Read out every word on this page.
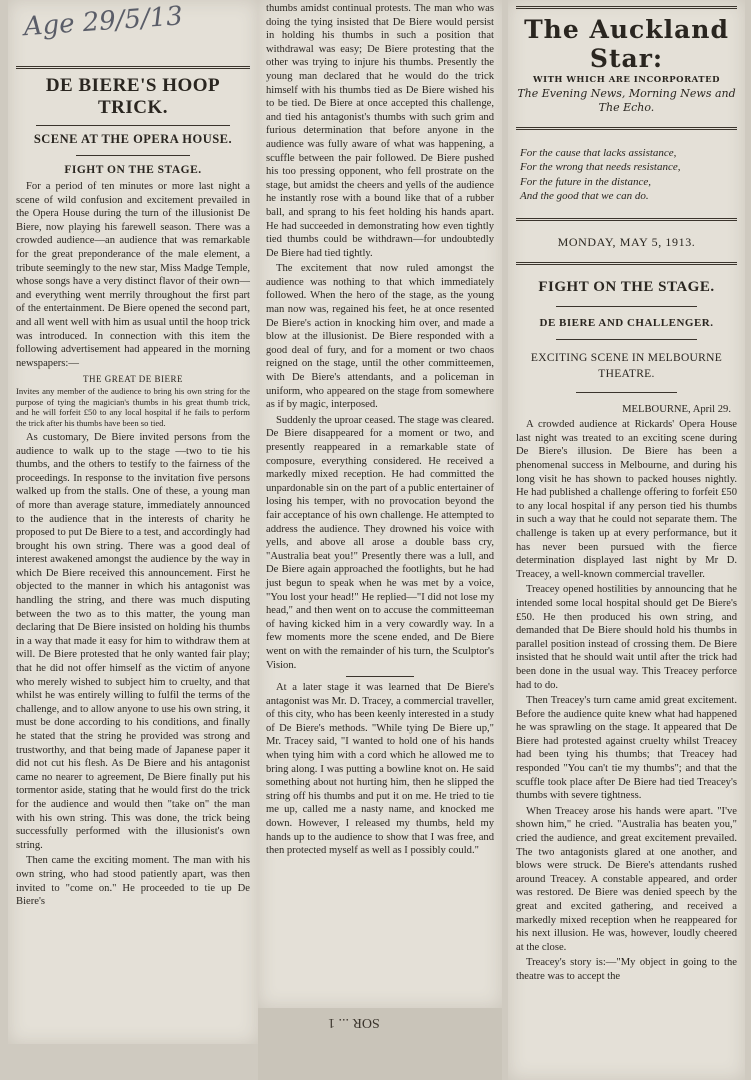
Age 29/5/13

DE BIERE'S HOOP TRICK.

SCENE AT THE OPERA HOUSE.

FIGHT ON THE STAGE.

For a period of ten minutes or more last night a scene of wild confusion and excitement prevailed in the Opera House during the turn of the illusionist De Biere, now playing his farewell season. There was a crowded audience—an audience that was remarkable for the great preponderance of the male element, a tribute seemingly to the new star, Miss Madge Temple, whose songs have a very distinct flavor of their own—and everything went merrily throughout the first part of the entertainment. De Biere opened the second part, and all went well with him as usual until the hoop trick was introduced. In connection with this item the following advertisement had appeared in the morning newspapers:—

THE GREAT DE BIERE

Invites any member of the audience to bring his own string for the purpose of tying the magician's thumbs in his great thumb trick, and he will forfeit £50 to any local hospital if he fails to perform the trick after his thumbs have been so tied.

As customary, De Biere invited persons from the audience to walk up to the stage —two to tie his thumbs, and the others to testify to the fairness of the proceedings. In response to the invitation five persons walked up from the stalls. One of these, a young man of more than average stature, immediately announced to the audience that in the interests of charity he proposed to put De Biere to a test, and accordingly had brought his own string. There was a good deal of interest awakened amongst the audience by the way in which De Biere received this announcement. First he objected to the manner in which his antagonist was handling the string, and there was much disputing between the two as to this matter, the young man declaring that De Biere insisted on holding his thumbs in a way that made it easy for him to withdraw them at will. De Biere protested that he only wanted fair play; that he did not offer himself as the victim of anyone who merely wished to subject him to cruelty, and that whilst he was entirely willing to fulfil the terms of the challenge, and to allow anyone to use his own string, it must be done according to his conditions, and finally he stated that the string he provided was strong and trustworthy, and that being made of Japanese paper it did not cut his flesh. As De Biere and his antagonist came no nearer to agreement, De Biere finally put his tormentor aside, stating that he would first do the trick for the audience and would then "take on" the man with his own string. This was done, the trick being successfully performed with the illusionist's own string.

Then came the exciting moment. The man with his own string, who had stood patiently apart, was then invited to "come on." He proceeded to tie up De Biere's

thumbs amidst continual protests. The man who was doing the tying insisted that De Biere would persist in holding his thumbs in such a position that withdrawal was easy; De Biere protesting that the other was trying to injure his thumbs. Presently the young man declared that he would do the trick himself with his thumbs tied as De Biere wished his to be tied. De Biere at once accepted this challenge, and tied his antagonist's thumbs with such grim and furious determination that before anyone in the audience was fully aware of what was happening, a scuffle between the pair followed. De Biere pushed his too pressing opponent, who fell prostrate on the stage, but amidst the cheers and yells of the audience he instantly rose with a bound like that of a rubber ball, and sprang to his feet holding his hands apart. He had succeeded in demonstrating how even tightly tied thumbs could be withdrawn—for undoubtedly De Biere had tied tightly.

The excitement that now ruled amongst the audience was nothing to that which immediately followed. When the hero of the stage, as the young man now was, regained his feet, he at once resented De Biere's action in knocking him over, and made a blow at the illusionist. De Biere responded with a good deal of fury, and for a moment or two chaos reigned on the stage, until the other committeemen, with De Biere's attendants, and a policeman in uniform, who appeared on the stage from somewhere as if by magic, interposed.

Suddenly the uproar ceased. The stage was cleared. De Biere disappeared for a moment or two, and presently reappeared in a remarkable state of composure, everything considered. He received a markedly mixed reception. He had committed the unpardonable sin on the part of a public entertainer of losing his temper, with no provocation beyond the fair acceptance of his own challenge. He attempted to address the audience. They drowned his voice with yells, and above all arose a double bass cry, "Australia beat you!" Presently there was a lull, and De Biere again approached the footlights, but he had just begun to speak when he was met by a voice, "You lost your head!" He replied—"I did not lose my head," and then went on to accuse the committeeman of having kicked him in a very cowardly way. In a few moments more the scene ended, and De Biere went on with the remainder of his turn, the Sculptor's Vision.

At a later stage it was learned that De Biere's antagonist was Mr. D. Tracey, a commercial traveller, of this city, who has been keenly interested in a study of De Biere's methods. "While tying De Biere up," Mr. Tracey said, "I wanted to hold one of his hands when tying him with a cord which he allowed me to bring along. I was putting a bowline knot on. He said something about not hurting him, then he slipped the string off his thumbs and put it on me. He tried to tie me up, called me a nasty name, and knocked me down. However, I released my thumbs, held my hands up to the audience to show that I was free, and then protected myself as well as I possibly could."

SOR ... 1

The Auckland Star:

WITH WHICH ARE INCORPORATED

The Evening News, Morning News and The Echo.

For the cause that lacks assistance,

For the wrong that needs resistance,

For the future in the distance,

And the good that we can do.

MONDAY, MAY 5, 1913.

FIGHT ON THE STAGE.

DE BIERE AND CHALLENGER.

EXCITING SCENE IN MELBOURNE THEATRE.

MELBOURNE, April 29.

A crowded audience at Rickards' Opera House last night was treated to an exciting scene during De Biere's illusion. De Biere has been a phenomenal success in Melbourne, and during his long visit he has shown to packed houses nightly. He had published a challenge offering to forfeit £50 to any local hospital if any person tied his thumbs in such a way that he could not separate them. The challenge is taken up at every performance, but it has never been pursued with the fierce determination displayed last night by Mr D. Treacey, a well-known commercial traveller.

Treacey opened hostilities by announcing that he intended some local hospital should get De Biere's £50. He then produced his own string, and demanded that De Biere should hold his thumbs in parallel position instead of crossing them. De Biere insisted that he should wait until after the trick had been done in the usual way. This Treacey perforce had to do.

Then Treacey's turn came amid great excitement. Before the audience quite knew what had happened he was sprawling on the stage. It appeared that De Biere had protested against cruelty whilst Treacey had been tying his thumbs; that Treacey had responded "You can't tie my thumbs"; and that the scuffle took place after De Biere had tied Treacey's thumbs with severe tightness.

When Treacey arose his hands were apart. "I've shown him," he cried. "Australia has beaten you," cried the audience, and great excitement prevailed. The two antagonists glared at one another, and blows were struck. De Biere's attendants rushed around Treacey. A constable appeared, and order was restored. De Biere was denied speech by the great and excited gathering, and received a markedly mixed reception when he reappeared for his next illusion. He was, however, loudly cheered at the close.

Treacey's story is:—"My object in going to the theatre was to accept the
